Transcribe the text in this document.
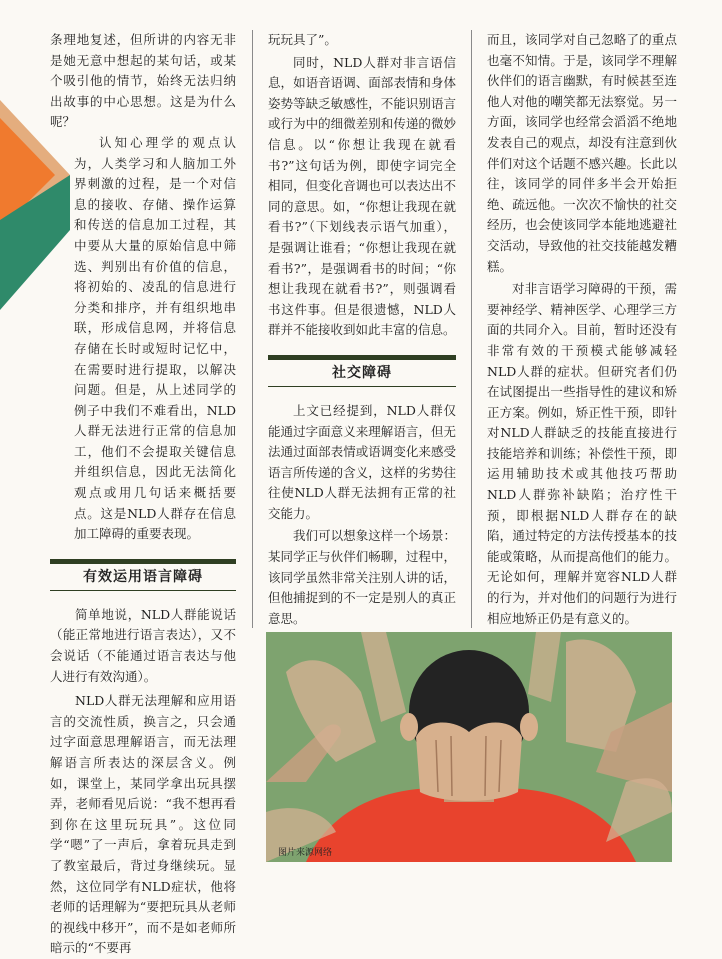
条理地复述，但所讲的内容无非是她无意中想起的某句话，或某个吸引他的情节，始终无法归纳出故事的中心思想。这是为什么呢？

认知心理学的观点认为，人类学习和人脑加工外界刺激的过程，是一个对信息的接收、存储、操作运算和传送的信息加工过程，其中要从大量的原始信息中筛选、判别出有价值的信息，将初始的、凌乱的信息进行分类和排序，并有组织地串联，形成信息网，并将信息存储在长时或短时记忆中，在需要时进行提取，以解决问题。但是，从上述同学的例子中我们不难看出，NLD人群无法进行正常的信息加工，他们不会提取关键信息并组织信息，因此无法简化观点或用几句话来概括要点。这是NLD人群存在信息加工障碍的重要表现。

有效运用语言障碍

简单地说，NLD人群能说话（能正常地进行语言表达），又不会说话（不能通过语言表达与他人进行有效沟通）。

NLD人群无法理解和应用语言的交流性质，换言之，只会通过字面意思理解语言，而无法理解语言所表达的深层含义。例如，课堂上，某同学拿出玩具摆弄，老师看见后说：“我不想再看到你在这里玩玩具”。这位同学“嗯”了一声后，拿着玩具走到了教室最后，背过身继续玩。显然，这位同学有NLD症状，他将老师的话理解为“要把玩具从老师的视线中移开”，而不是如老师所暗示的“不要再

玩玩具了”。

同时，NLD人群对非言语信息，如语音语调、面部表情和身体姿势等缺乏敏感性，不能识别语言或行为中的细微差别和传递的微妙信息。以“你想让我现在就看书?”这句话为例，即使字词完全相同，但变化音调也可以表达出不同的意思。如，“你想让我现在就看书?”（下划线表示语气加重），是强调让谁看；“你想让我现在就看书?”，是强调看书的时间；“你想让我现在就看书?”，则强调看书这件事。但是很遗憾，NLD人群并不能接收到如此丰富的信息。

社交障碍

上文已经提到，NLD人群仅能通过字面意义来理解语言，但无法通过面部表情或语调变化来感受语言所传递的含义，这样的劣势往往使NLD人群无法拥有正常的社交能力。

我们可以想象这样一个场景：某同学正与伙伴们畅聊，过程中，该同学虽然非常关注别人讲的话，但他捕捉到的不一定是别人的真正意思。

而且，该同学对自己忽略了的重点也毫不知情。于是，该同学不理解伙伴们的语言幽默，有时候甚至连他人对他的嘲笑都无法察觉。另一方面，该同学也经常会滔滔不绝地发表自己的观点，却没有注意到伙伴们对这个话题不感兴趣。长此以往，该同学的同伴多半会开始拒绝、疏远他。一次次不愉快的社交经历，也会使该同学本能地逃避社交活动，导致他的社交技能越发糟糕。

对非言语学习障碍的干预，需要神经学、精神医学、心理学三方面的共同介入。目前，暂时还没有非常有效的干预模式能够减轻NLD人群的症状。但研究者们仍在试图提出一些指导性的建议和矫正方案。例如，矫正性干预，即针对NLD人群缺乏的技能直接进行技能培养和训练；补偿性干预，即运用辅助技术或其他技巧帮助NLD人群弥补缺陷；治疗性干预，即根据NLD人群存在的缺陷，通过特定的方法传授基本的技能或策略，从而提高他们的能力。无论如何，理解并宽容NLD人群的行为，并对他们的问题行为进行相应地矫正仍是有意义的。

图片来源网络
